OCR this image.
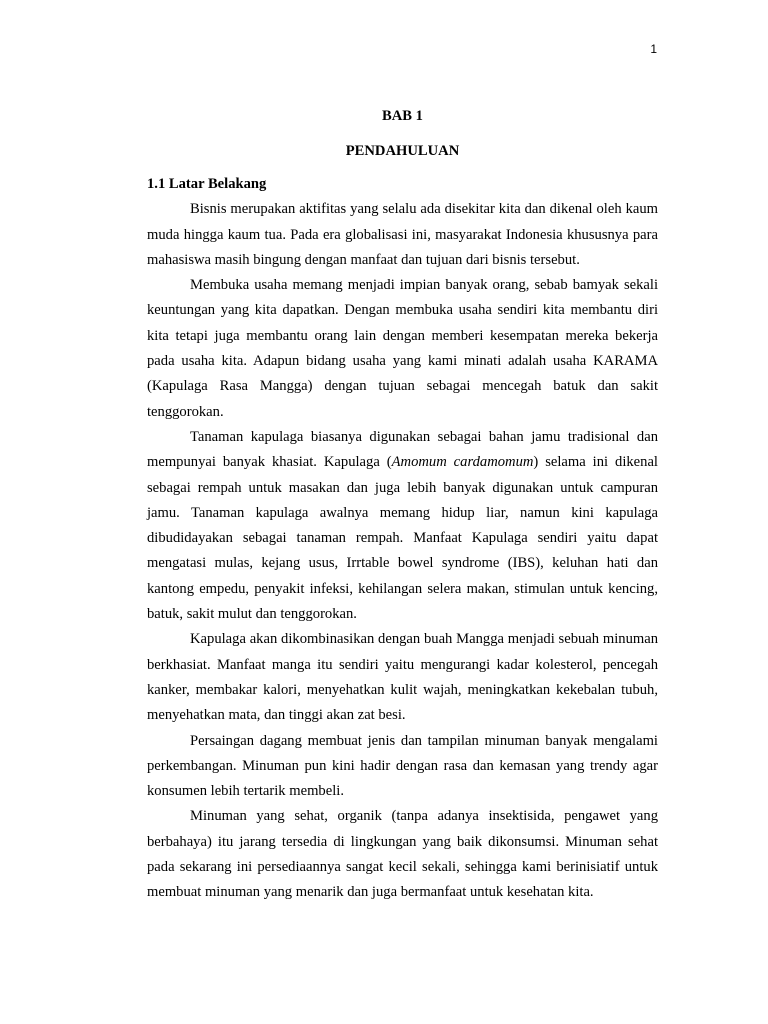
1

BAB 1

PENDAHULUAN

1.1 Latar Belakang

Bisnis merupakan aktifitas yang selalu ada disekitar kita dan dikenal oleh kaum muda hingga kaum tua. Pada era globalisasi ini, masyarakat Indonesia khususnya para mahasiswa masih bingung dengan manfaat dan tujuan dari bisnis tersebut.

Membuka usaha memang menjadi impian banyak orang, sebab bamyak sekali keuntungan yang kita dapatkan. Dengan membuka usaha sendiri kita membantu diri kita tetapi juga membantu orang lain dengan memberi kesempatan mereka bekerja pada usaha kita. Adapun bidang usaha yang kami minati adalah usaha KARAMA (Kapulaga Rasa Mangga) dengan tujuan sebagai mencegah batuk dan sakit tenggorokan.

Tanaman kapulaga biasanya digunakan sebagai bahan jamu tradisional dan mempunyai banyak khasiat. Kapulaga (Amomum cardamomum) selama ini dikenal sebagai rempah untuk masakan dan juga lebih banyak digunakan untuk campuran jamu. Tanaman kapulaga awalnya memang hidup liar, namun kini kapulaga dibudidayakan sebagai tanaman rempah. Manfaat Kapulaga sendiri yaitu dapat mengatasi mulas, kejang usus, Irrtable bowel syndrome (IBS), keluhan hati dan kantong empedu, penyakit infeksi, kehilangan selera makan, stimulan untuk kencing, batuk, sakit mulut dan tenggorokan.

Kapulaga akan dikombinasikan dengan buah Mangga menjadi sebuah minuman berkhasiat. Manfaat manga itu sendiri yaitu mengurangi kadar kolesterol, pencegah kanker, membakar kalori, menyehatkan kulit wajah, meningkatkan kekebalan tubuh, menyehatkan mata, dan tinggi akan zat besi.

Persaingan dagang membuat jenis dan tampilan minuman banyak mengalami perkembangan. Minuman pun kini hadir dengan rasa dan kemasan yang trendy agar konsumen lebih tertarik membeli.

Minuman yang sehat, organik (tanpa adanya insektisida, pengawet yang berbahaya) itu jarang tersedia di lingkungan yang baik dikonsumsi. Minuman sehat pada sekarang ini persediaannya sangat kecil sekali, sehingga kami berinisiatif untuk membuat minuman yang menarik dan juga bermanfaat untuk kesehatan kita.
